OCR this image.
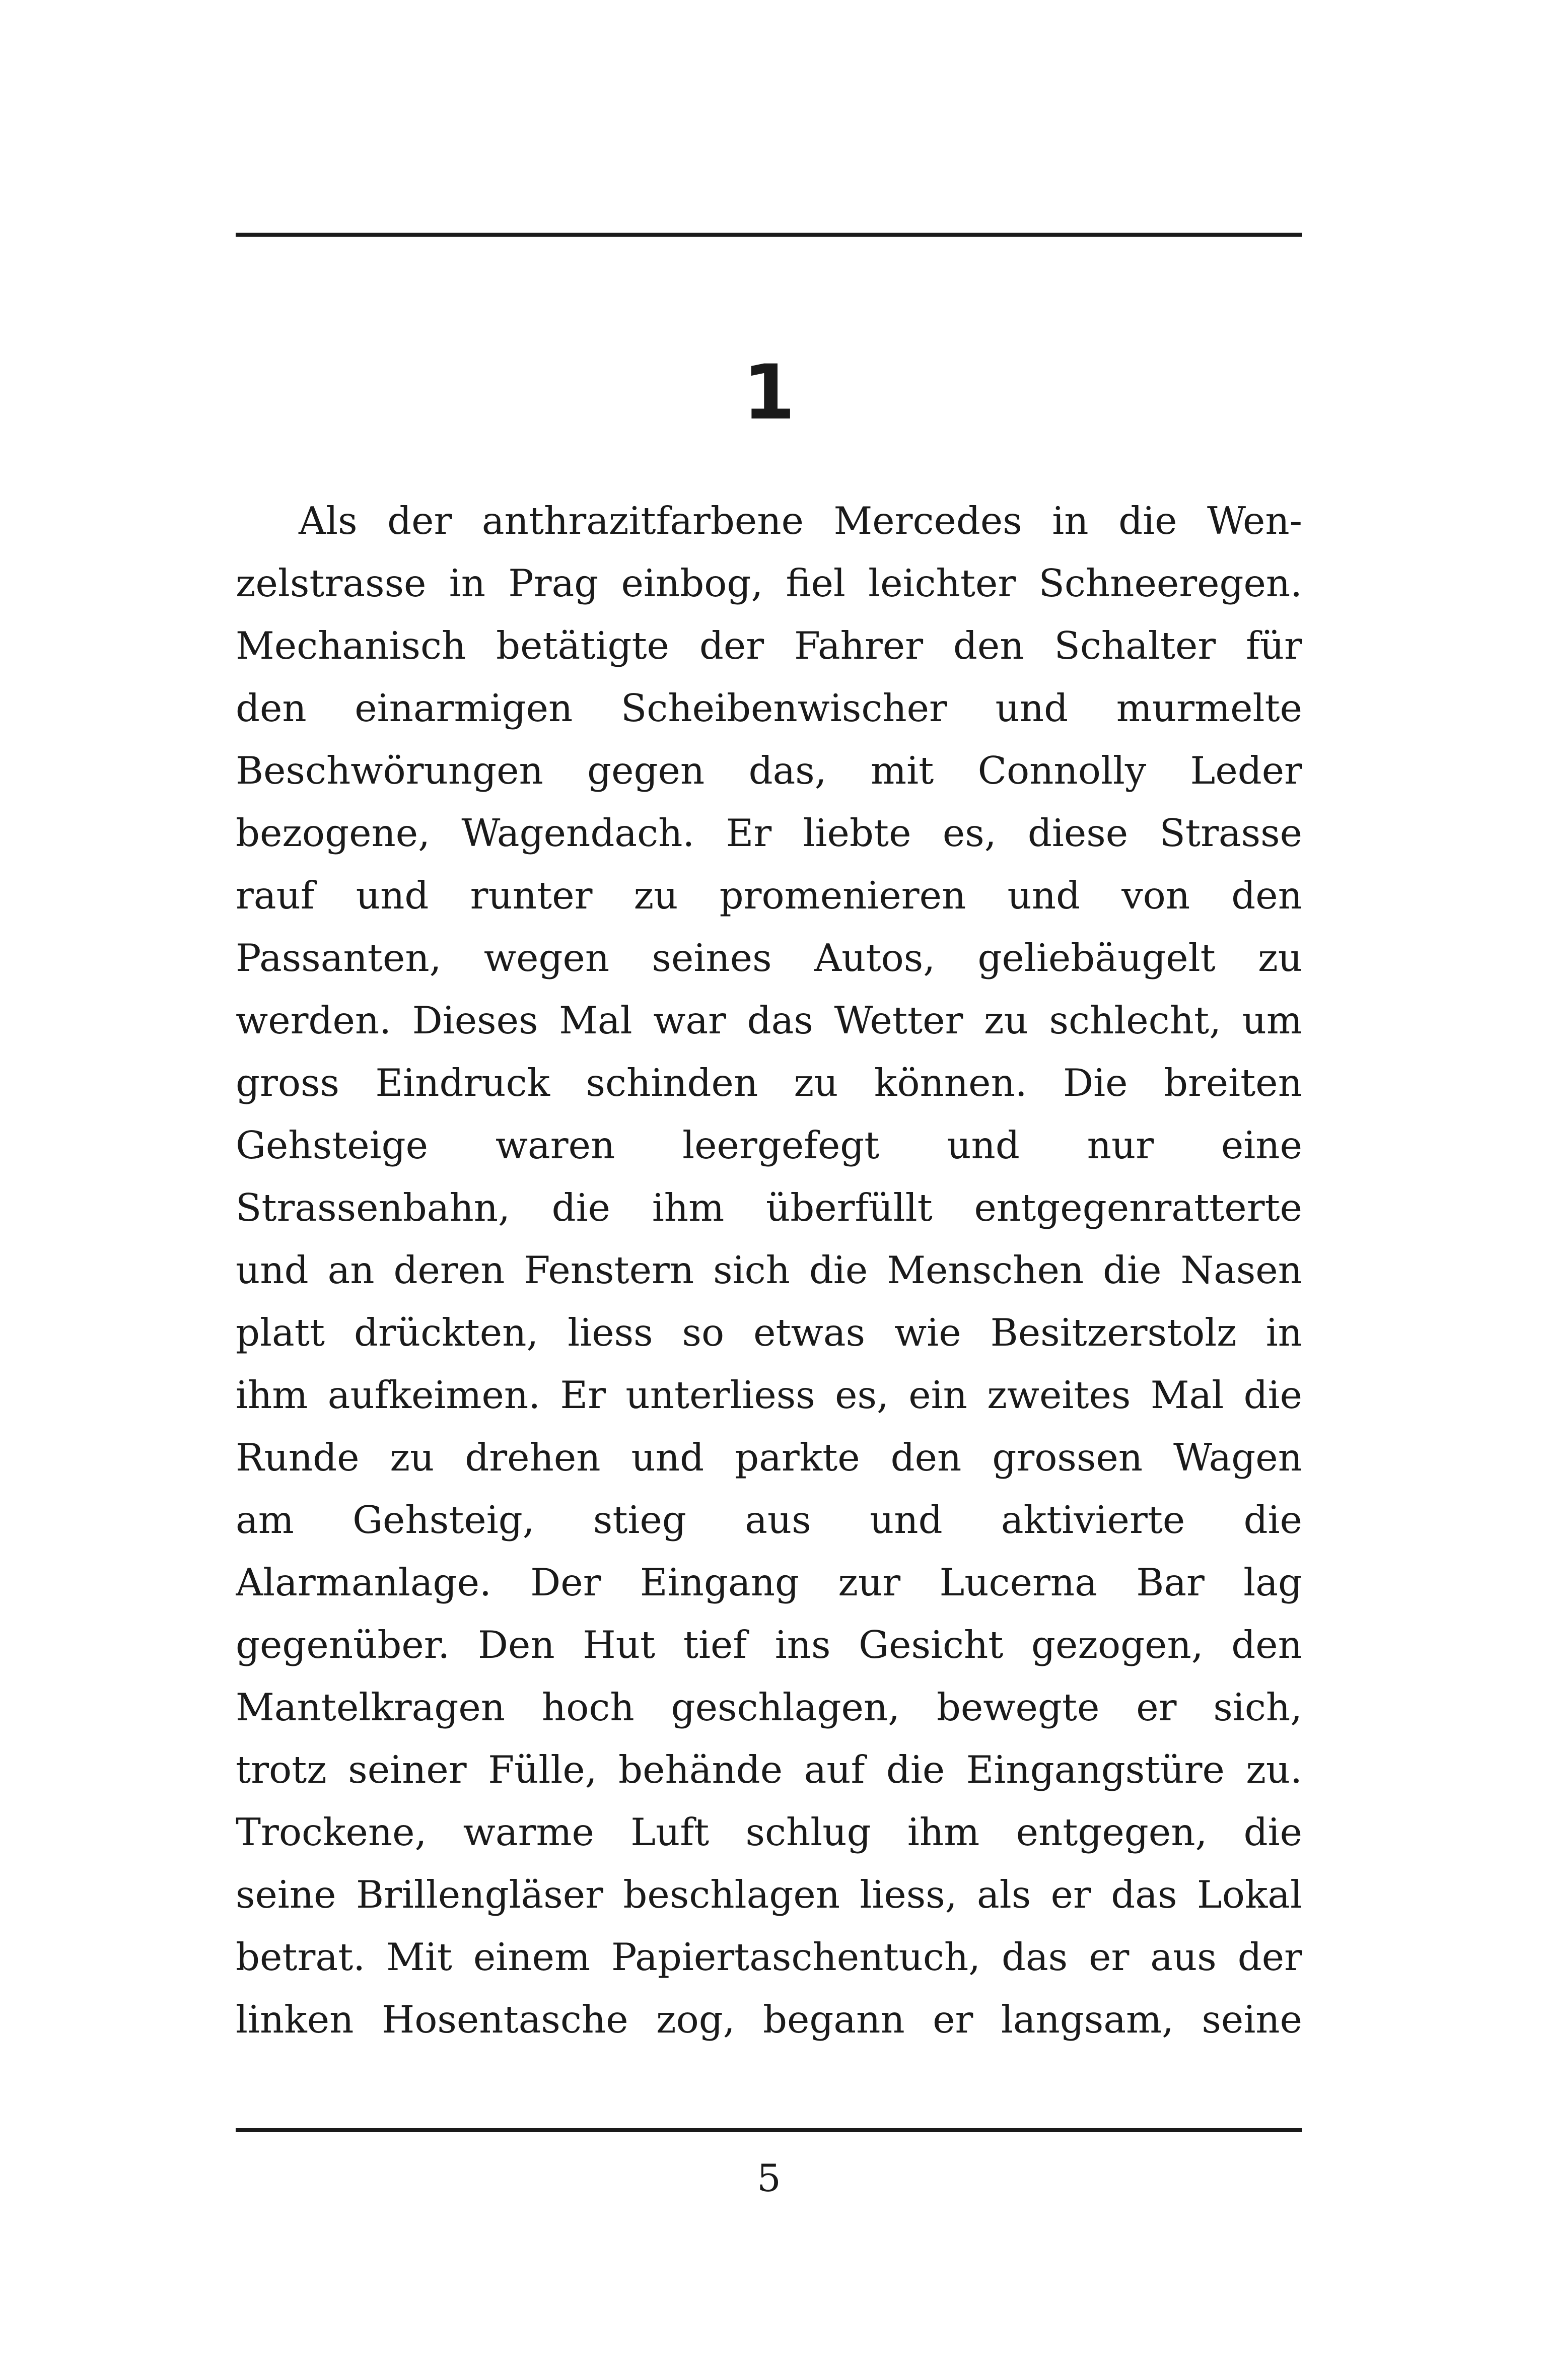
1
Als der anthrazitfarbene Mercedes in die Wen-
zelstrasse in Prag einbog, fiel leichter Schneeregen.
Mechanisch betätigte der Fahrer den Schalter für
den einarmigen Scheibenwischer und murmelte
Beschwörungen gegen das, mit Connolly Leder
bezogene, Wagendach. Er liebte es, diese Strasse
rauf und runter zu promenieren und von den
Passanten, wegen seines Autos, geliebäugelt zu
werden. Dieses Mal war das Wetter zu schlecht, um
gross Eindruck schinden zu können. Die breiten
Gehsteige waren leergefegt und nur eine
Strassenbahn, die ihm überfüllt entgegenratterte
und an deren Fenstern sich die Menschen die Nasen
platt drückten, liess so etwas wie Besitzerstolz in
ihm aufkeimen. Er unterliess es, ein zweites Mal die
Runde zu drehen und parkte den grossen Wagen
am Gehsteig, stieg aus und aktivierte die
Alarmanlage. Der Eingang zur Lucerna Bar lag
gegenüber. Den Hut tief ins Gesicht gezogen, den
Mantelkragen hoch geschlagen, bewegte er sich,
trotz seiner Fülle, behände auf die Eingangstüre zu.
Trockene, warme Luft schlug ihm entgegen, die
seine Brillengläser beschlagen liess, als er das Lokal
betrat. Mit einem Papiertaschentuch, das er aus der
linken Hosentasche zog, begann er langsam, seine
5
